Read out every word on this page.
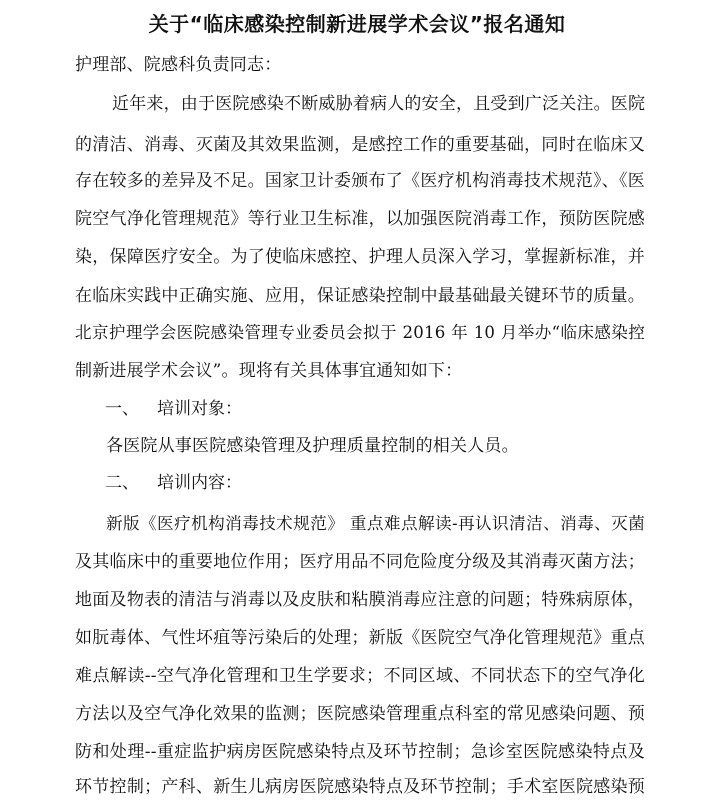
关于“临床感染控制新进展学术会议”报名通知
护理部、院感科负责同志：
近年来，由于医院感染不断威胁着病人的安全，且受到广泛关注。医院
的清洁、消毒、灭菌及其效果监测，是感控工作的重要基础，同时在临床又
存在较多的差异及不足。国家卫计委颁布了《医疗机构消毒技术规范》、《医
院空气净化管理规范》等行业卫生标准，以加强医院消毒工作，预防医院感
染，保障医疗安全。为了使临床感控、护理人员深入学习，掌握新标准，并
在临床实践中正确实施、应用，保证感染控制中最基础最关键环节的质量。
北京护理学会医院感染管理专业委员会拟于 2016 年 10 月举办“临床感染控
制新进展学术会议”。现将有关具体事宜通知如下：
一、 培训对象：
各医院从事医院感染管理及护理质量控制的相关人员。
二、 培训内容：
新版《医疗机构消毒技术规范》 重点难点解读-再认识清洁、消毒、灭菌
及其临床中的重要地位作用；医疗用品不同危险度分级及其消毒灭菌方法；
地面及物表的清洁与消毒以及皮肤和粘膜消毒应注意的问题；特殊病原体，
如朊毒体、气性坏疽等污染后的处理；新版《医院空气净化管理规范》重点
难点解读--空气净化管理和卫生学要求；不同区域、不同状态下的空气净化
方法以及空气净化效果的监测；医院感染管理重点科室的常见感染问题、预
防和处理--重症监护病房医院感染特点及环节控制；急诊室医院感染特点及
环节控制；产科、新生儿病房医院感染特点及环节控制；手术室医院感染预
